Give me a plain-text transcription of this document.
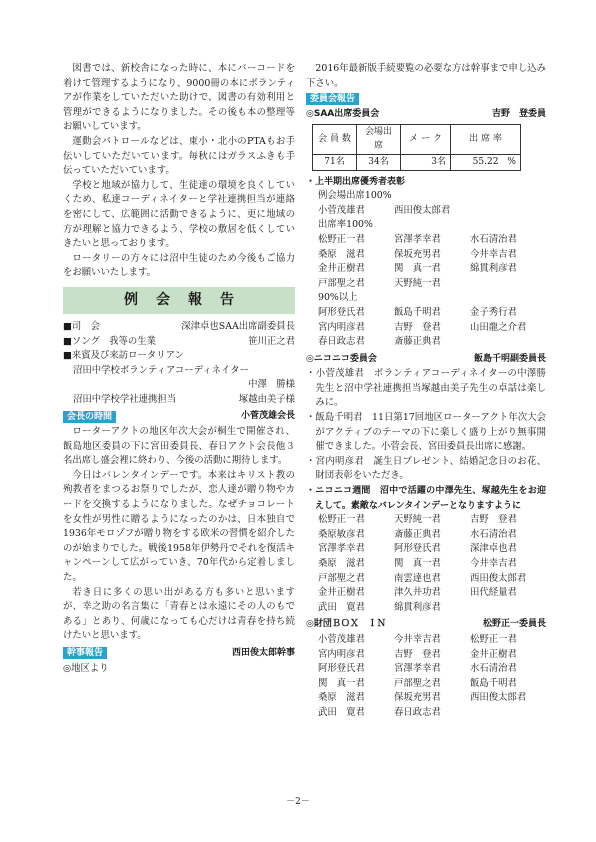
図書では、新校舎になった時に、本にバーコードを着けて管理するようになり、9000冊の本にボランティアが作業をしていただいた助けで、図書の有効利用と管理ができるようになりました。その後も本の整理等お願いしています。

運動会パトロールなどは、東小・北小のPTAもお手伝いしていただいています。毎秋にはガラスふきも手伝っていただいています。

学校と地域が協力して、生徒達の環境を良くしていくため、私達コーディネイターと学社連携担当が連絡を密にして、広範囲に活動できるように、更に地域の方が理解と協力できるよう、学校の敷居を低くしていきたいと思っております。

ロータリーの方々には沼中生徒のため今後もご協力をお願いいたします。

例会報告
■司　会	深津卓也SAA出席副委員長
■ソング　我等の生業	笹川正之君
■来賓及び来訪ロータリアン
沼田中学校ボランティアコーディネイター
中澤　勝様
沼田中学校学社連携担当	塚越由美子様
会長の時間	小菅茂雄会長

ローターアクトの地区年次大会が桐生で開催され、飯島地区委員の下に宮田委員長、春日アクト会長他３名出席し盛会裡に終わり、今後の活動に期待します。

今日はバレンタインデーです。本来はキリスト教の殉教者をまつるお祭りでしたが、恋人達が贈り物やカードを交換するようになりました。なぜチョコレートを女性が男性に贈るようになったのかは、日本独自で1936年モロゾフが贈り物をする欧米の習慣を紹介したのが始まりでした。戦後1958年伊勢丹でそれを復活キャンペーンして広がっていき、70年代から定着しました。

若き日に多くの思い出がある方も多いと思いますが、幸之助の名言集に「青春とは永遠にその人のもである」とあり、何歳になっても心だけは青春を持ち続けたいと思います。

幹事報告	西田俊太郎幹事
◎地区より

2016年最新版手続要覧の必要な方は幹事まで申し込み下さい。

委員会報告
◎SAA出席委員会	吉野　登委員
会 員 数	会場出席	メ ー ク	出 席 率
71名	34名	3名	55.22　%
・上半期出席優秀者表彰
例会場出席100%
小菅茂雄君	西田俊太郎君
出席率100%
松野正一君	宮澤孝幸君	水石清治君
桑原　滋君	保坂充男君	今井幸吉君
金井正樹君	関　真一君	綿貫利彦君
戸部聖之君	天野純一君
90%以上
阿形登氏君	飯島千明君	金子秀行君
宮内明彦君	吉野　登君	山田龍之介君
春日政志君	斎藤正典君
◎ニコニコ委員会	飯島千明副委員長
・小菅茂雄君　ボランティアコーディネイターの中澤勝先生と沼中学社連携担当塚越由美子先生の卓話は楽しみに。
・飯島千明君　11日第17回地区ローターアクト年次大会がアクティブのテーマの下に楽しく盛り上がり無事開催できました。小菅会長、宮田委員長出席に感謝。
・宮内明彦君　誕生日プレゼント、結婚記念日のお花、財団表彰をいただき。
・ニコニコ週間　沼中で活躍の中澤先生、塚越先生をお迎えして。素敵なバレンタインデーとなりますように
松野正一君	天野純一君	吉野　登君
桑原敏彦君	斎藤正典君	水石清治君
宮澤孝幸君	阿形登氏君	深津卓也君
桑原　滋君	関　真一君	今井幸吉君
戸部聖之君	南雲達也君	西田俊太郎君
金井正樹君	津久井功君	田代経量君
武田　寛君	綿貫利彦君
◎財団ＢＯＸ　ＩＮ	松野正一委員長
小菅茂雄君	今井幸吉君	松野正一君
宮内明彦君	吉野　登君	金井正樹君
阿形登氏君	宮澤孝幸君	水石清治君
関　真一君	戸部聖之君	飯島千明君
桑原　滋君	保坂充男君	西田俊太郎君
武田　寛君	春日政志君
－2－
